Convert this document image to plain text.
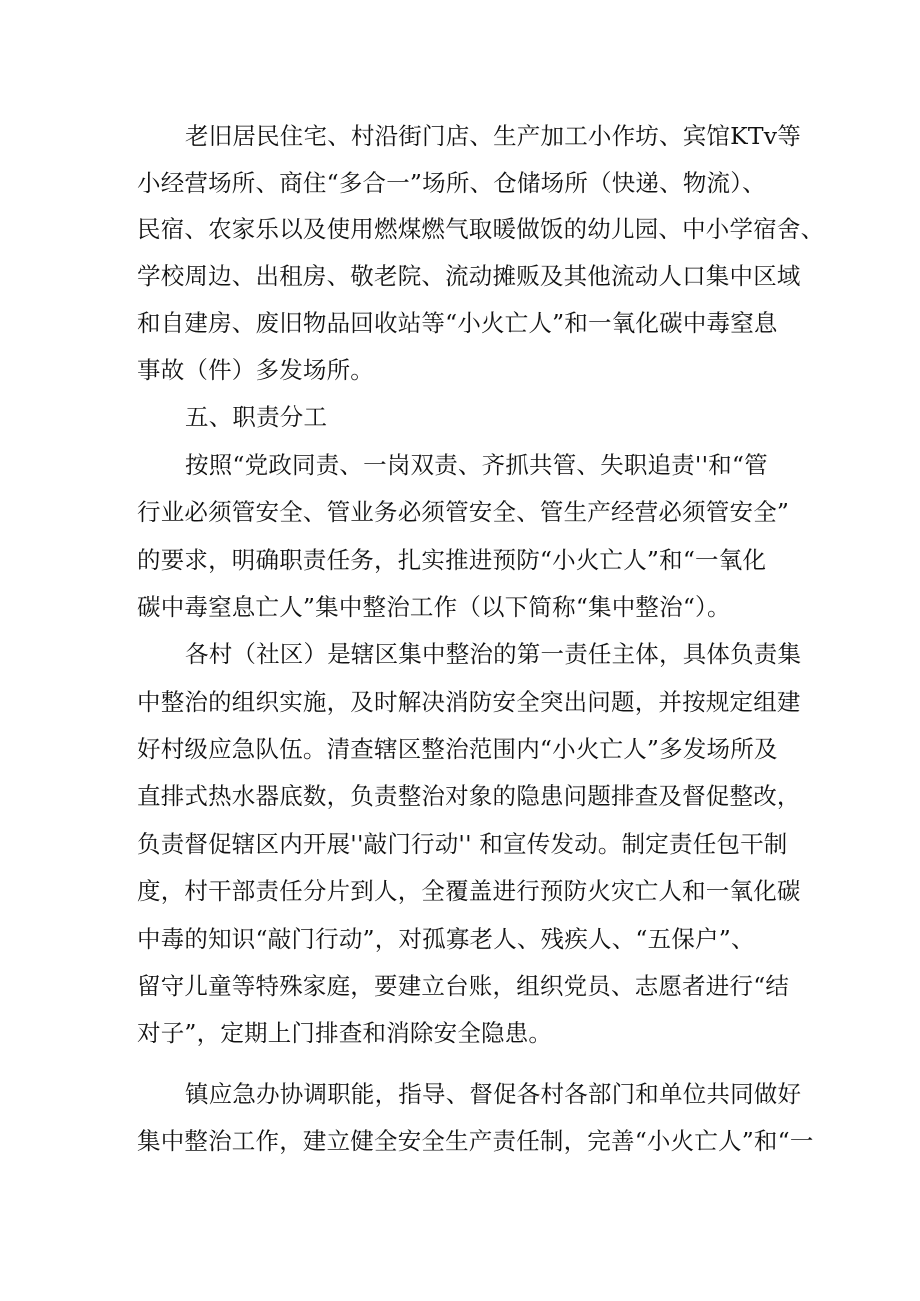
老旧居民住宅、村沿街门店、生产加工小作坊、宾馆KTv等
小经营场所、商住“多合一”场所、仓储场所（快递、物流）、
民宿、农家乐以及使用燃煤燃气取暖做饭的幼儿园、中小学宿舍、
学校周边、出租房、敬老院、流动摊贩及其他流动人口集中区域
和自建房、废旧物品回收站等“小火亡人”和一氧化碳中毒窒息
事故（件）多发场所。
五、职责分工
按照“党政同责、一岗双责、齐抓共管、失职追责''和“管
行业必须管安全、管业务必须管安全、管生产经营必须管安全”
的要求，明确职责任务，扎实推进预防“小火亡人”和“一氧化
碳中毒窒息亡人”集中整治工作（以下简称“集中整治“）。
各村（社区）是辖区集中整治的第一责任主体，具体负责集
中整治的组织实施，及时解决消防安全突出问题，并按规定组建
好村级应急队伍。清查辖区整治范围内“小火亡人”多发场所及
直排式热水器底数，负责整治对象的隐患问题排查及督促整改，
负责督促辖区内开展''敲门行动'' 和宣传发动。制定责任包干制
度，村干部责任分片到人，全覆盖进行预防火灾亡人和一氧化碳
中毒的知识“敲门行动”，对孤寡老人、残疾人、“五保户”、
留守儿童等特殊家庭，要建立台账，组织党员、志愿者进行“结
对子”，定期上门排查和消除安全隐患。
镇应急办协调职能，指导、督促各村各部门和单位共同做好
集中整治工作，建立健全安全生产责任制，完善“小火亡人”和“一
